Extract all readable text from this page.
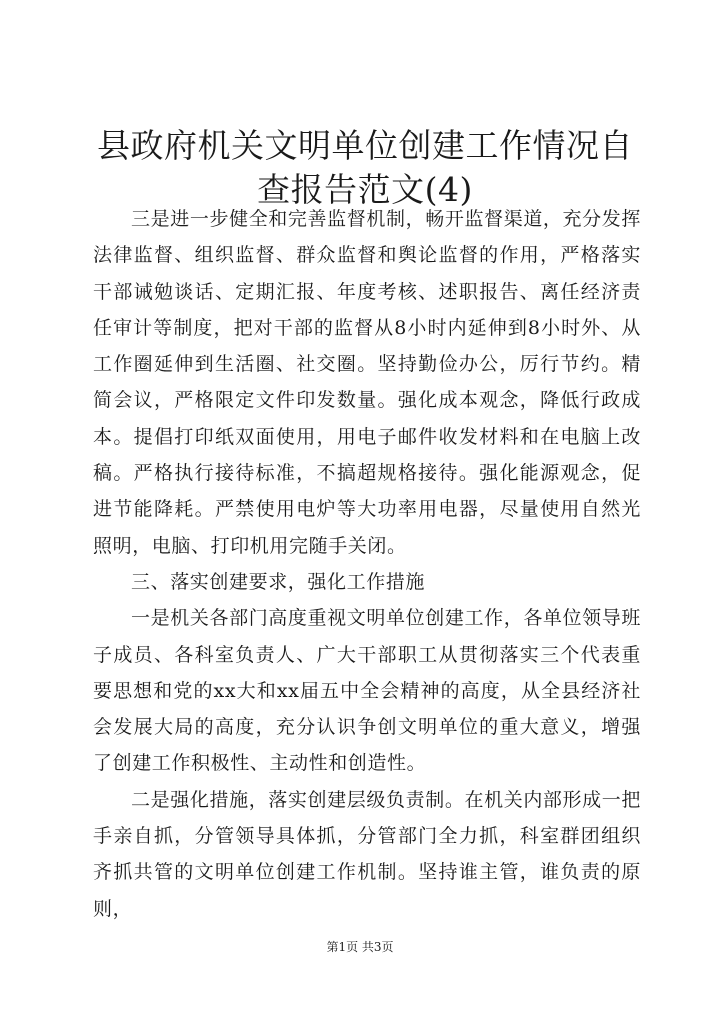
县政府机关文明单位创建工作情况自查报告范文(4)

三是进一步健全和完善监督机制，畅开监督渠道，充分发挥法律监督、组织监督、群众监督和舆论监督的作用，严格落实干部诫勉谈话、定期汇报、年度考核、述职报告、离任经济责任审计等制度，把对干部的监督从8小时内延伸到8小时外、从工作圈延伸到生活圈、社交圈。坚持勤俭办公，厉行节约。精简会议，严格限定文件印发数量。强化成本观念，降低行政成本。提倡打印纸双面使用，用电子邮件收发材料和在电脑上改稿。严格执行接待标准，不搞超规格接待。强化能源观念，促进节能降耗。严禁使用电炉等大功率用电器，尽量使用自然光照明，电脑、打印机用完随手关闭。

三、落实创建要求，强化工作措施

一是机关各部门高度重视文明单位创建工作，各单位领导班子成员、各科室负责人、广大干部职工从贯彻落实三个代表重要思想和党的xx大和xx届五中全会精神的高度，从全县经济社会发展大局的高度，充分认识争创文明单位的重大意义，增强了创建工作积极性、主动性和创造性。

二是强化措施，落实创建层级负责制。在机关内部形成一把手亲自抓，分管领导具体抓，分管部门全力抓，科室群团组织齐抓共管的文明单位创建工作机制。坚持谁主管，谁负责的原则，

第1页 共3页
